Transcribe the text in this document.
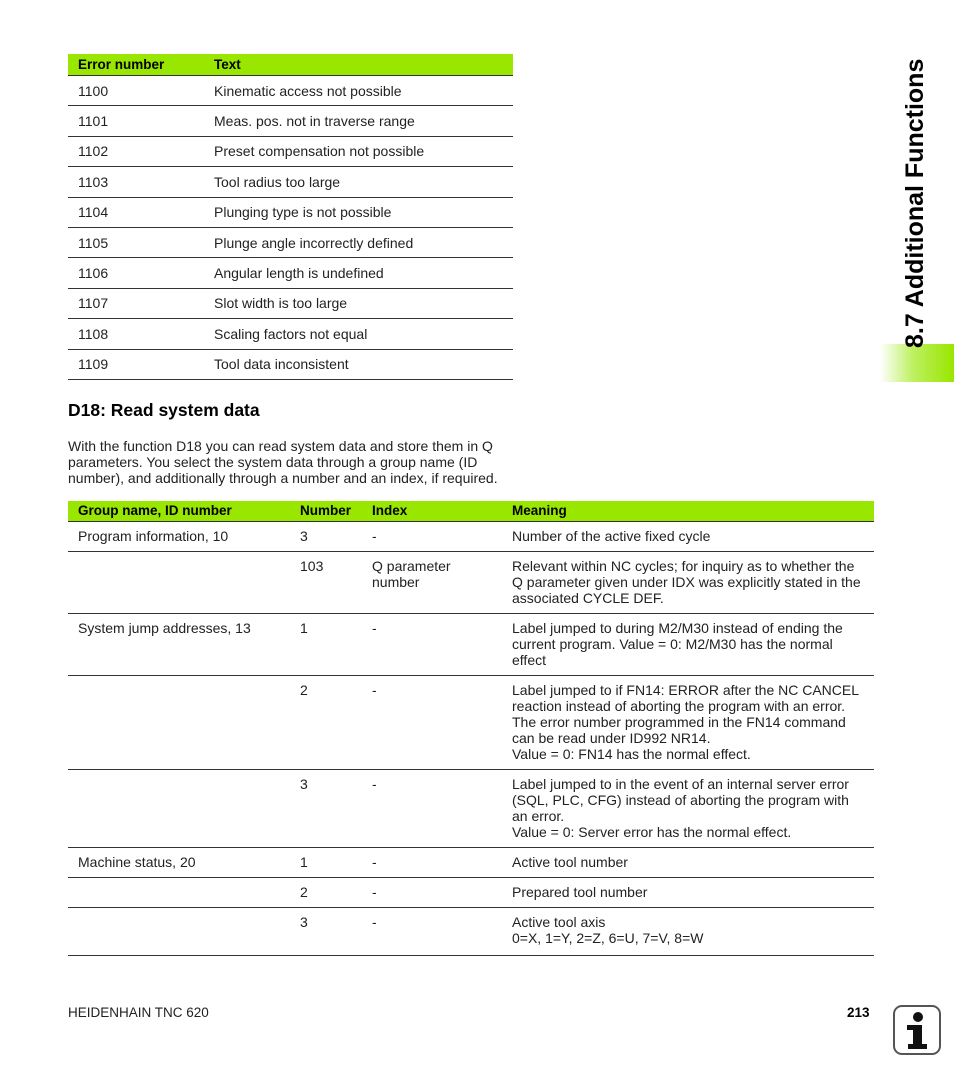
Error number	Text
1100	Kinematic access not possible
1101	Meas. pos. not in traverse range
1102	Preset compensation not possible
1103	Tool radius too large
1104	Plunging type is not possible
1105	Plunge angle incorrectly defined
1106	Angular length is undefined
1107	Slot width is too large
1108	Scaling factors not equal
1109	Tool data inconsistent
D18: Read system data

With the function D18 you can read system data and store them in Q parameters. You select the system data through a group name (ID number), and additionally through a number and an index, if required.

Group name, ID number	Number	Index	Meaning
Program information, 10	3	-	Number of the active fixed cycle

	103	Q parameter number	Relevant within NC cycles; for inquiry as to whether the Q parameter given under IDX was explicitly stated in the associated CYCLE DEF.

System jump addresses, 13	1	-	Label jumped to during M2/M30 instead of ending the current program. Value = 0: M2/M30 has the normal effect

	2	-	Label jumped to if FN14: ERROR after the NC CANCEL reaction instead of aborting the program with an error. The error number programmed in the FN14 command can be read under ID992 NR14.
Value = 0: FN14 has the normal effect.

	3	-	Label jumped to in the event of an internal server error (SQL, PLC, CFG) instead of aborting the program with an error.
Value = 0: Server error has the normal effect.

Machine status, 20	1	-	Active tool number

	2	-	Prepared tool number

	3	-	Active tool axis
0=X, 1=Y, 2=Z, 6=U, 7=V, 8=W
8.7 Additional Functions
HEIDENHAIN TNC 620	213
